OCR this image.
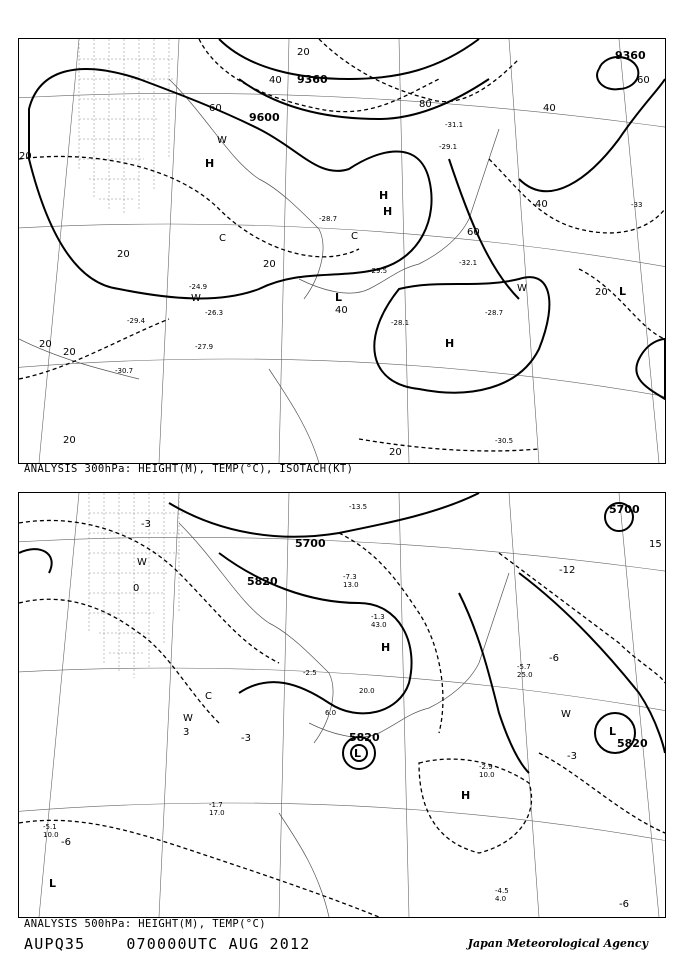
9360
9600
9360
20
40
60	80
20
20
20
40
60
20
20
20
20
40
60
40
20
-31.1
-29.1
-28.7
-29.5
-32.1
-28.1
-28.7
-30.5
-24.9
-26.3
-27.9
-30.7
-29.4
-33
H
H
H
H
L	L
W
W
W
C	C
ANALYSIS 300hPa: HEIGHT(M), TEMP(°C), ISOTACH(KT)
5700
5820
5820	5820
5700
-3
0
3
-3
-6
-12
-6
-3
15
-6
-13.5
20.0
-1.3
43.0
-2.5
6.0
-2.9
10.0
-5.7
25.0
-7.3
13.0
-4.5
4.0
-1.7
17.0
-5.1
10.0
H
H
L
L
L
W
W	W
C
ANALYSIS 500hPa: HEIGHT(M), TEMP(°C)
AUPQ35	070000UTC AUG 2012	Japan Meteorological Agency
